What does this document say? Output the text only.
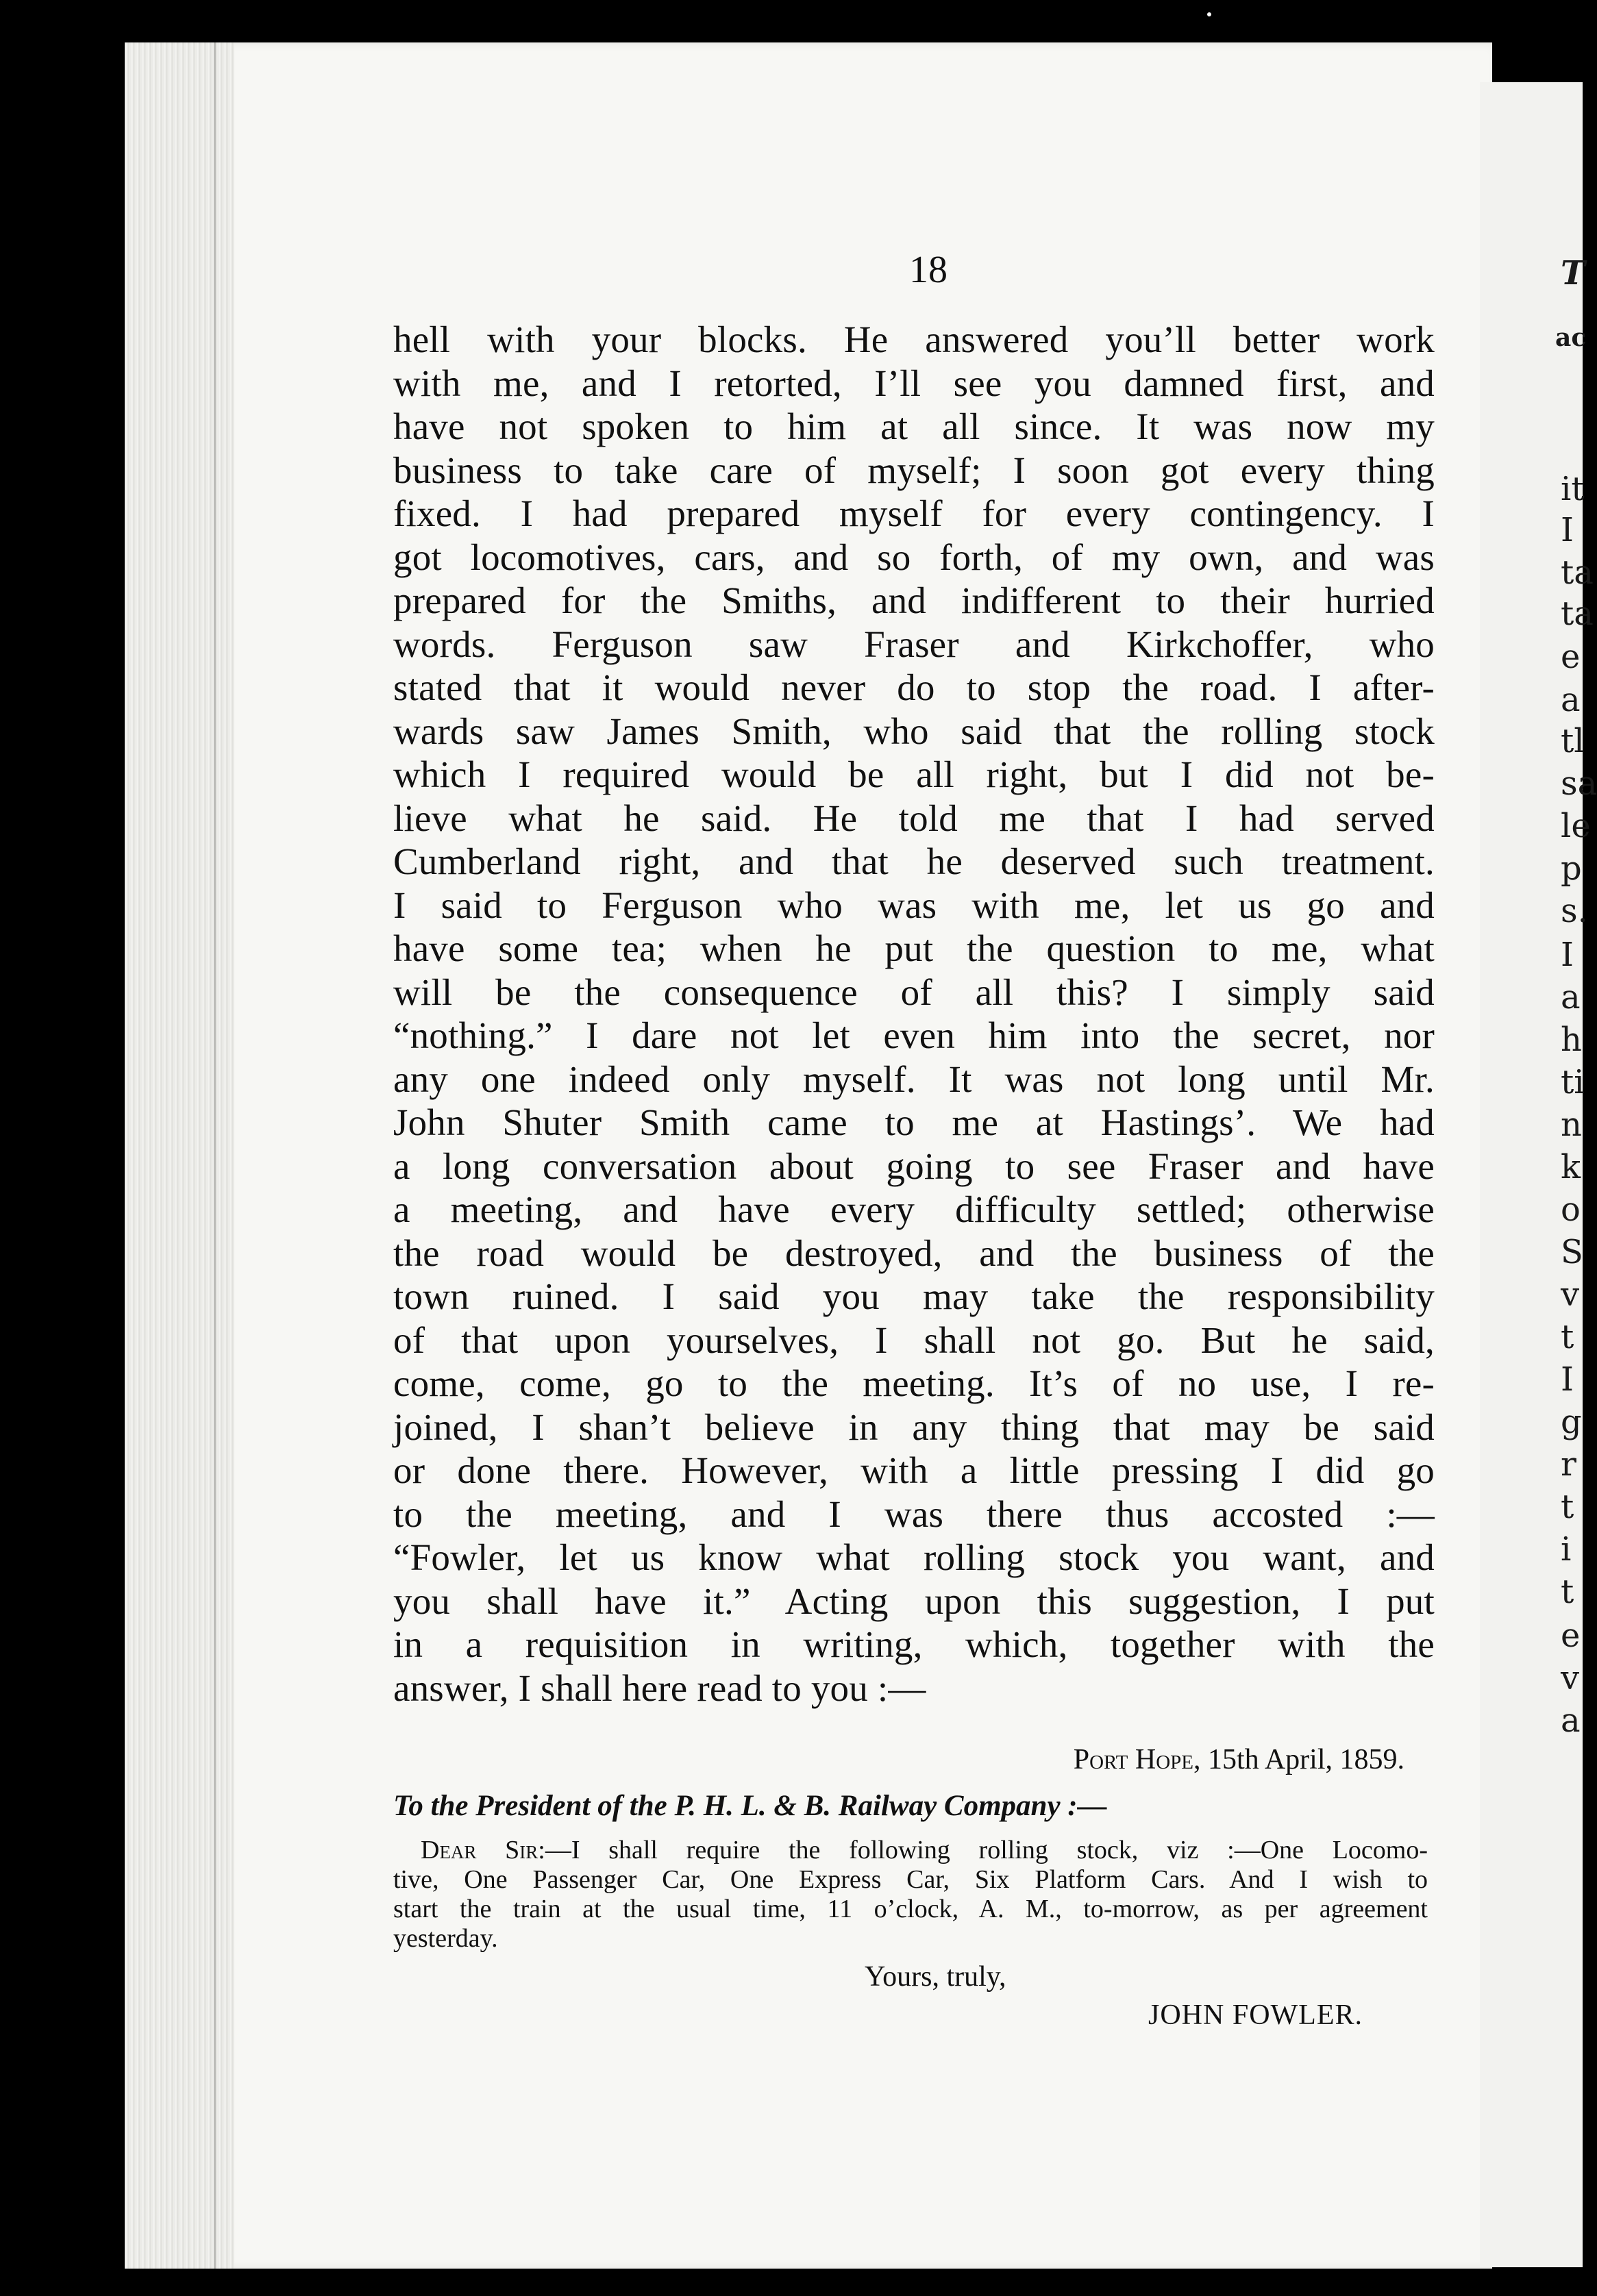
T
ac
it
I
ta
ta
e
a
tl
sa
le
p
s.
I
a
h
ti
n
k
o
S
v
t
I
g
r
t
i
t
e
v
a
18
hell with your blocks. He answered you’ll better work
with me, and I retorted, I’ll see you damned first, and
have not spoken to him at all since. It was now my
business to take care of myself; I soon got every thing
fixed. I had prepared myself for every contingency. I
got locomotives, cars, and so forth, of my own, and was
prepared for the Smiths, and indifferent to their hurried
words. Ferguson saw Fraser and Kirkchoffer, who
stated that it would never do to stop the road. I after-
wards saw James Smith, who said that the rolling stock
which I required would be all right, but I did not be-
lieve what he said. He told me that I had served
Cumberland right, and that he deserved such treatment.
I said to Ferguson who was with me, let us go and
have some tea; when he put the question to me, what
will be the consequence of all this? I simply said
“nothing.” I dare not let even him into the secret, nor
any one indeed only myself. It was not long until Mr.
John Shuter Smith came to me at Hastings’. We had
a long conversation about going to see Fraser and have
a meeting, and have every difficulty settled; otherwise
the road would be destroyed, and the business of the
town ruined. I said you may take the responsibility
of that upon yourselves, I shall not go. But he said,
come, come, go to the meeting. It’s of no use, I re-
joined, I shan’t believe in any thing that may be said
or done there. However, with a little pressing I did go
to the meeting, and I was there thus accosted :—
“Fowler, let us know what rolling stock you want, and
you shall have it.” Acting upon this suggestion, I put
in a requisition in writing, which, together with the
answer, I shall here read to you :—
Port Hope, 15th April, 1859.
To the President of the P. H. L. & B. Railway Company :—
Dear Sir:—I shall require the following rolling stock, viz :—One Locomo-
tive, One Passenger Car, One Express Car, Six Platform Cars. And I wish to
start the train at the usual time, 11 o’clock, A. M., to-morrow, as per agreement
yesterday.
Yours, truly,
JOHN FOWLER.
